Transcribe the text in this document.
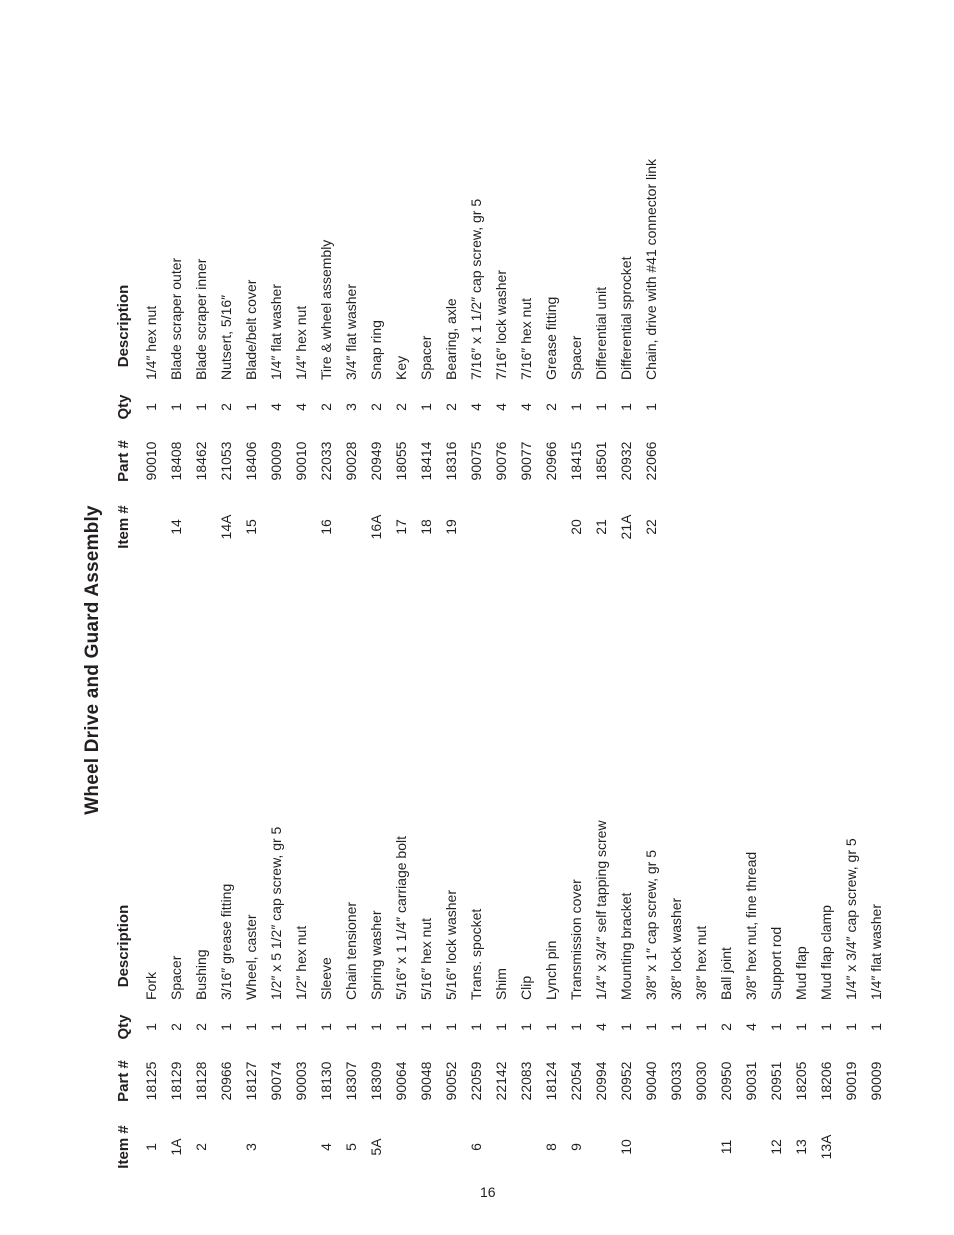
Wheel Drive and Guard Assembly
Item #
Part #
Qty
Description
1
18125
1
Fork
1A
18129
2
Spacer
2
18128
2
Bushing
20966
1
3/16″ grease fitting
3
18127
1
Wheel, caster
90074
1
1/2″ x 5 1/2″ cap screw, gr 5
90003
1
1/2″ hex nut
4
18130
1
Sleeve
5
18307
1
Chain tensioner
5A
18309
1
Spring washer
90064
1
5/16″ x 1 1/4″ carriage bolt
90048
1
5/16″ hex nut
90052
1
5/16″ lock washer
6
22059
1
Trans. spocket
22142
1
Shim
22083
1
Clip
8
18124
1
Lynch pin
9
22054
1
Transmission cover
20994
4
1/4″ x 3/4″ self tapping screw
10
20952
1
Mounting bracket
90040
1
3/8″ x 1″ cap screw, gr 5
90033
1
3/8″ lock washer
90030
1
3/8″ hex nut
11
20950
2
Ball joint
90031
4
3/8″ hex nut, fine thread
12
20951
1
Support rod
13
18205
1
Mud flap
13A
18206
1
Mud flap clamp
90019
1
1/4″ x 3/4″ cap screw, gr 5
90009
1
1/4″ flat washer
Item #
Part #
Qty
Description
90010
1
1/4″ hex nut
14
18408
1
Blade scraper outer
18462
1
Blade scraper inner
14A
21053
2
Nutsert, 5/16″
15
18406
1
Blade/belt cover
90009
4
1/4″ flat washer
90010
4
1/4″ hex nut
16
22033
2
Tire & wheel assembly
90028
3
3/4″ flat washer
16A
20949
2
Snap ring
17
18055
2
Key
18
18414
1
Spacer
19
18316
2
Bearing, axle
90075
4
7/16″ x 1 1/2″ cap screw, gr 5
90076
4
7/16″ lock washer
90077
4
7/16″ hex nut
20966
2
Grease fitting
20
18415
1
Spacer
21
18501
1
Differential unit
21A
20932
1
Differential sprocket
22
22066
1
Chain, drive with #41 connector link
16
